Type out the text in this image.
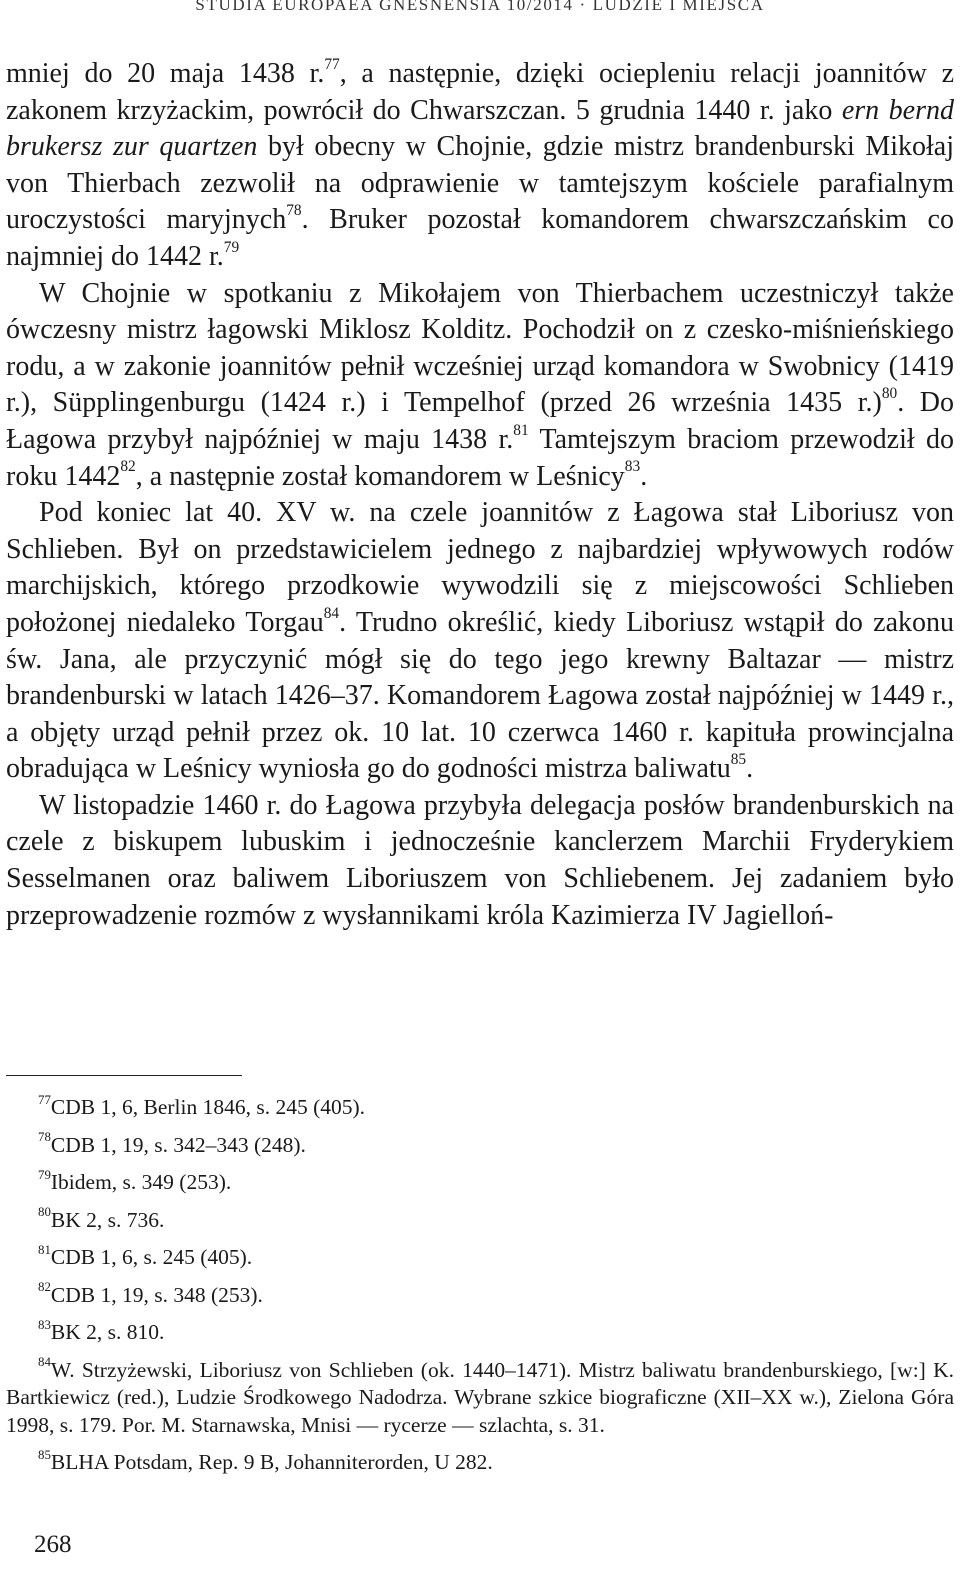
STUDIA EUROPAEA GNESNENSIA 10/2014 · LUDZIE I MIEJSCA

mniej do 20 maja 1438 r.$^{77}$, a następnie, dzięki ociepleniu relacji joannitów z zakonem krzyżackim, powrócił do Chwarszczan. 5 grudnia 1440 r. jako ern bernd brukersz zur quartzen był obecny w Chojnie, gdzie mistrz brandenburski Mikołaj von Thierbach zezwolił na odprawienie w tamtejszym kościele parafialnym uroczystości maryjnych$^{78}$. Bruker pozostał komandorem chwarszczańskim co najmniej do 1442 r.$^{79}$

W Chojnie w spotkaniu z Mikołajem von Thierbachem uczestniczył także ówczesny mistrz łagowski Miklosz Kolditz. Pochodził on z czesko-miśnieńskiego rodu, a w zakonie joannitów pełnił wcześniej urząd komandora w Swobnicy (1419 r.), Süpplingenburgu (1424 r.) i Tempelhof (przed 26 września 1435 r.)$^{80}$. Do Łagowa przybył najpóźniej w maju 1438 r.$^{81}$ Tamtejszym braciom przewodził do roku 1442$^{82}$, a następnie został komandorem w Leśnicy$^{83}$.

Pod koniec lat 40. XV w. na czele joannitów z Łagowa stał Liboriusz von Schlieben. Był on przedstawicielem jednego z najbardziej wpływowych rodów marchijskich, którego przodkowie wywodzili się z miejscowości Schlieben położonej niedaleko Torgau$^{84}$. Trudno określić, kiedy Liboriusz wstąpił do zakonu św. Jana, ale przyczynić mógł się do tego jego krewny Baltazar — mistrz brandenburski w latach 1426–37. Komandorem Łagowa został najpóźniej w 1449 r., a objęty urząd pełnił przez ok. 10 lat. 10 czerwca 1460 r. kapituła prowincjalna obradująca w Leśnicy wyniosła go do godności mistrza baliwatu$^{85}$.

W listopadzie 1460 r. do Łagowa przybyła delegacja posłów brandenburskich na czele z biskupem lubuskim i jednocześnie kanclerzem Marchii Fryderykiem Sesselmanen oraz baliwem Liboriuszem von Schliebenem. Jej zadaniem było przeprowadzenie rozmów z wysłannikami króla Kazimierza IV Jagielloń-

$^{77}$CDB 1, 6, Berlin 1846, s. 245 (405).

$^{78}$CDB 1, 19, s. 342–343 (248).

$^{79}$Ibidem, s. 349 (253).

$^{80}$BK 2, s. 736.

$^{81}$CDB 1, 6, s. 245 (405).

$^{82}$CDB 1, 19, s. 348 (253).

$^{83}$BK 2, s. 810.

$^{84}$W. Strzyżewski, Liboriusz von Schlieben (ok. 1440–1471). Mistrz baliwatu brandenburskiego, [w:] K. Bartkiewicz (red.), Ludzie Środkowego Nadodrza. Wybrane szkice biograficzne (XII–XX w.), Zielona Góra 1998, s. 179. Por. M. Starnawska, Mnisi — rycerze — szlachta, s. 31.

$^{85}$BLHA Potsdam, Rep. 9 B, Johanniterorden, U 282.

268
